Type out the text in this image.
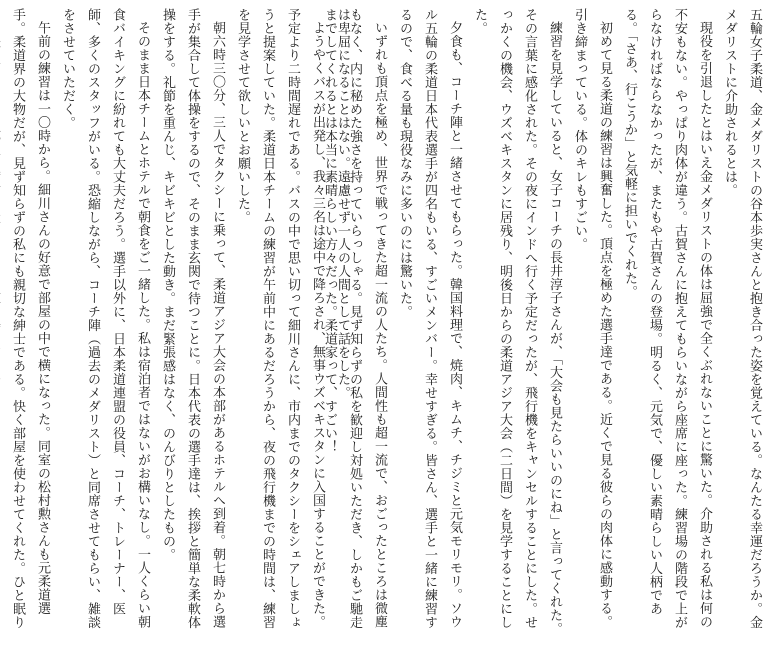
は卑屈になることはない。遠慮せず一人の人間として話をした。

ようやくバスが出発し、我々三名は途中で降ろされ、無事ウズベキスタンに入国することができた。予定より二時間遅れである。バスの中で思い切って細川さんに、市内までのタクシーをシェアしましょうと提案していた。柔道日本チームの練習が午前中にあるだろうから、夜の飛行機までの時間は、練習を見学させて欲しいとお願いした。

朝六時三〇分、三人でタクシーに乗って、柔道アジア大会の本部があるホテルへ到着。朝七時から選手が集合して体操をするので、そのまま玄関で待つことに。日本代表の選手達は、挨拶と簡単な柔軟体操をする。礼節を重んじ、キビキビとした動き。まだ緊張感はなく、のんびりとしたもの。

そのまま日本チームとホテルで朝食をご一緒した。私は宿泊者ではないがお構いなし。一人くらい朝食バイキングに紛れても大丈夫だろう。選手以外に、日本柔道連盟の役員、コーチ、トレーナー、医師、多くのスタッフがいる。恐縮しながら、コーチ陣（過去のメダリスト）と同席させてもらい、雑談をさせていただく。

午前の練習は一〇時から。細川さんの好意で部屋の中で横になった。同室の松村勲さんも元柔道選手。柔道界の大物だが、見ず知らずの私にも親切な紳士である。快く部屋を使わせてくれた。ひと眠り	五輪女子柔道、金メダリストの谷本歩実さんと抱き合った姿を覚えている。なんたる幸運だろうか。金メダリストに介助されるとは。

現役を引退したとはいえ金メダリストの体は屈強で全くぶれないことに驚いた。介助される私は何の不安もない。やっぱり肉体が違う。古賀さんに抱えてもらいながら座席に座った。練習場の階段で上がらなければならなかったが、またもや古賀さんの登場。明るく、元気で、優しい素晴らしい人柄である。「さあ、行こうか」と気軽に担いでくれた。

初めて見る柔道の練習は興奮した。頂点を極めた選手達である。近くで見る彼らの肉体に感動する。引き締まっている。体のキレもすごい。

練習を見学していると、女子コーチの長井淳子さんが、「大会も見たらいいのにね」と言ってくれた。その言葉に感化された。その夜にインドへ行く予定だったが、飛行機をキャンセルすることにした。せっかくの機会、ウズベキスタンに居残り、明後日からの柔道アジア大会（二日間）を見学することにした。

夕食も、コーチ陣と一緒させてもらった。韓国料理で、焼肉、キムチ、チジミと元気モリモリ。ソウル五輪の柔道日本代表選手が四名もいる、すごいメンバー。幸せすぎる。皆さん、選手と一緒に練習するので、食べる量も現役なみに多いのには驚いた。

いずれも頂点を極め、世界で戦ってきた超一流の人たち。人間性も超一流で、おごったところは微塵もなく、内に秘めた強さを持っていらっしゃる。見ず知らずの私を歓迎し対処いただき、しかもご馳走までしてくれるとは本当に素晴らしい方々だった。柔道家って、すごい！
